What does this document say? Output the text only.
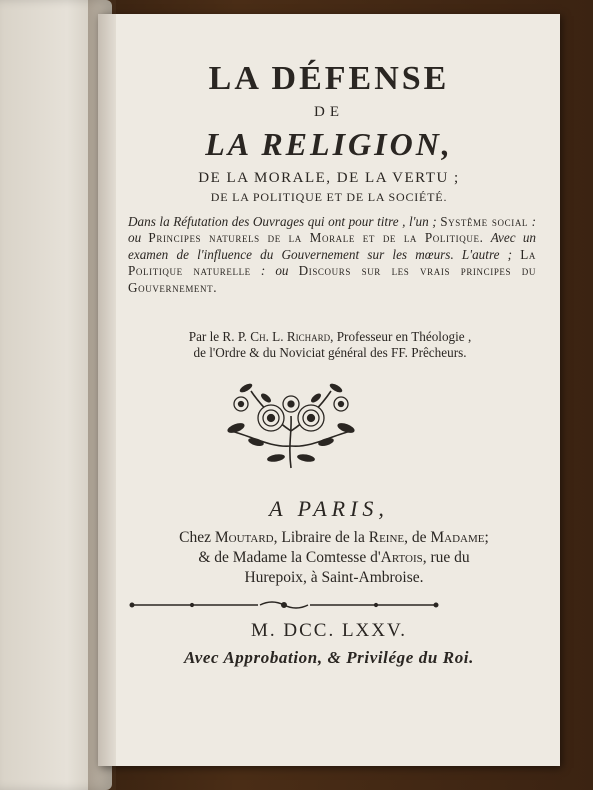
LA DÉFENSE
DE
LA RELIGION,
DE LA MORALE, DE LA VERTU ;
DE LA POLITIQUE ET DE LA SOCIÉTÉ.
Dans la Réfutation des Ouvrages qui ont pour titre , l'un ; Systême social : ou Principes naturels de la Morale et de la Politique. Avec un examen de l'influence du Gouvernement sur les mœurs. L'autre ; La Politique naturelle : ou Discours sur les vrais principes du Gouvernement.
Par le R. P. Ch. L. Richard, Professeur en Théologie ,
de l'Ordre & du Noviciat général des FF. Prêcheurs.
A PARIS,
Chez Moutard, Libraire de la Reine, de Madame;
& de Madame la Comtesse d'Artois, rue du
Hurepoix, à Saint-Ambroise.
M. DCC. LXXV.
Avec Approbation, & Privilége du Roi.
